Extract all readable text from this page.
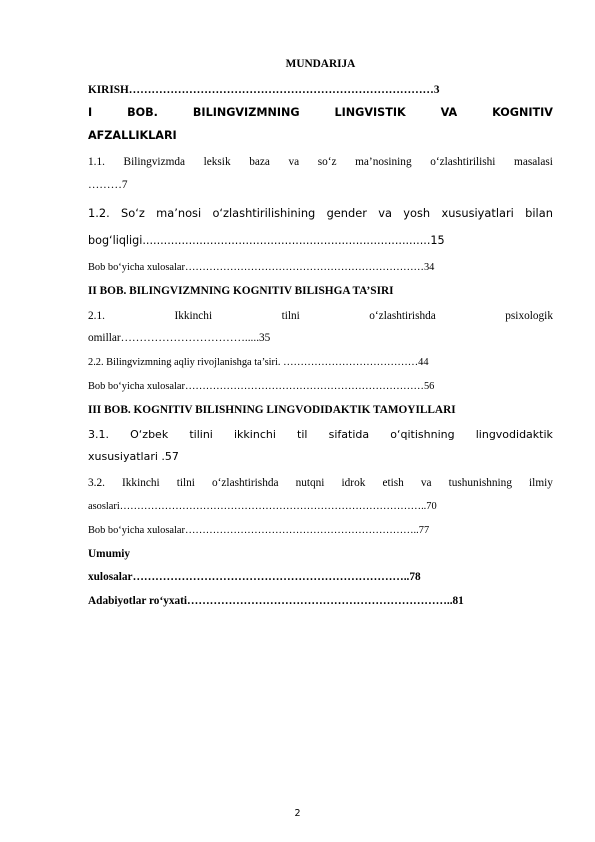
MUNDARIJA
KIRISH………………………………………………………………………3
I	BOB.	BILINGVIZMNING	LINGVISTIK	VA	KOGNITIV
AFZALLIKLARI
1.1. Bilingvizmda leksik baza va so‘z ma’nosining o‘zlashtirilishi masalasi
………7
1.2. So‘z ma’nosi o‘zlashtirilishining gender va yosh xususiyatlari bilan
bog‘liqligi.................................................................................15
Bob bo‘yicha xulosalar……………………………………………………………34
II BOB. BILINGVIZMNING KOGNITIV BILISHGA TA’SIRI
2.1.	Ikkinchi	tilni	o‘zlashtirishda	psixologik
omillar…………………………….....35
2.2. Bilingvizmning aqliy rivojlanishga ta’siri. …………………………………44
Bob bo‘yicha xulosalar……………………………………………………………56
III BOB. KOGNITIV BILISHNING LINGVODIDAKTIK TAMOYILLARI
3.1. O‘zbek tilini ikkinchi til sifatida o‘qitishning lingvodidaktik
xususiyatlari .57
3.2. Ikkinchi tilni o‘zlashtirishda nutqni idrok etish va tushunishning ilmiy
asoslari……………………………………………………………………………..70
Bob bo‘yicha xulosalar…………………………………………………………..77
Umumiy
xulosalar………………………………………………………………..78
Adabiyotlar ro‘yxati……………………………………………………………..81
2
